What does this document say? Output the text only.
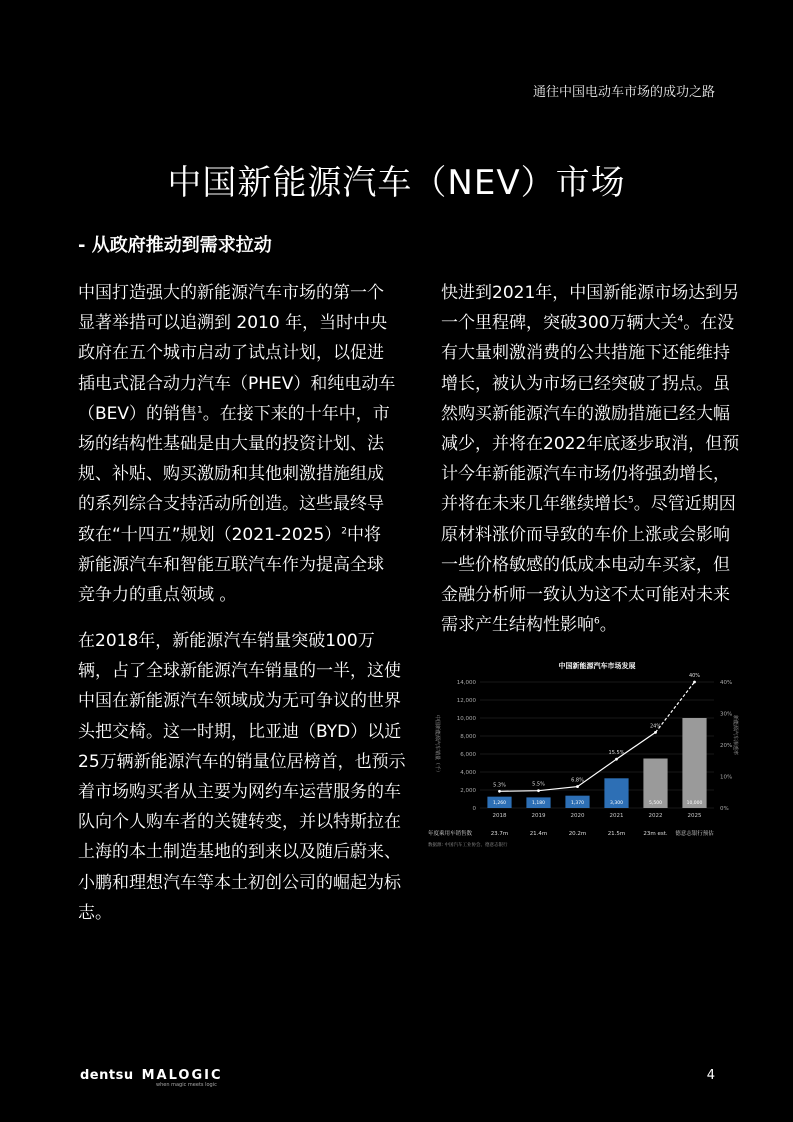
通往中国电动车市场的成功之路
中国新能源汽车（NEV）市场
- 从政府推动到需求拉动
中国打造强大的新能源汽车市场的第一个显著举措可以追溯到 2010 年，当时中央政府在五个城市启动了试点计划，以促进插电式混合动力汽车（PHEV）和纯电动车（BEV）的销售$^1$。在接下来的十年中，市场的结构性基础是由大量的投资计划、法规、补贴、购买激励和其他刺激措施组成的系列综合支持活动所创造。这些最终导致在“十四五”规划（2021-2025）$^2$中将新能源汽车和智能互联汽车作为提高全球竞争力的重点领域 。
在2018年，新能源汽车销量突破100万辆，占了全球新能源汽车销量的一半，这使中国在新能源汽车领域成为无可争议的世界头把交椅。这一时期，比亚迪（BYD）以近25万辆新能源汽车的销量位居榜首，也预示着市场购买者从主要为网约车运营服务的车队向个人购车者的关键转变，并以特斯拉在上海的本土制造基地的到来以及随后蔚来、小鹏和理想汽车等本土初创公司的崛起为标志。
快进到2021年，中国新能源市场达到另一个里程碑，突破300万辆大关$^4$。在没有大量刺激消费的公共措施下还能维持增长，被认为市场已经突破了拐点。虽然购买新能源汽车的激励措施已经大幅减少，并将在2022年底逐步取消，但预计今年新能源汽车市场仍将强劲增长，并将在未来几年继续增长$^5$。尽管近期因原材料涨价而导致的车价上涨或会影响一些价格敏感的低成本电动车买家，但金融分析师一致认为这不太可能对未来需求产生结构性影响$^6$。
中国新能源汽车市场发展
14,000
12,000
10,000
8,000
6,000
4,000
2,000
0
40%
30%
20%
10%
0%
中国新能源汽车销量（千）	新能源汽车渗透率
1,260
2018
1,180
2019
1,370
2020
3,300
2021
5,500
2022
10,000
2025
5.3%	5.5%
6.8%
15.5%
24%
40%
年度乘用车销售数	23.7m	21.4m	20.2m	21.5m	23m est. 德意志银行预估
数据源: 中国汽车工业协会、德意志银行
dentsu MALOGIC
when magic meets logic
4
